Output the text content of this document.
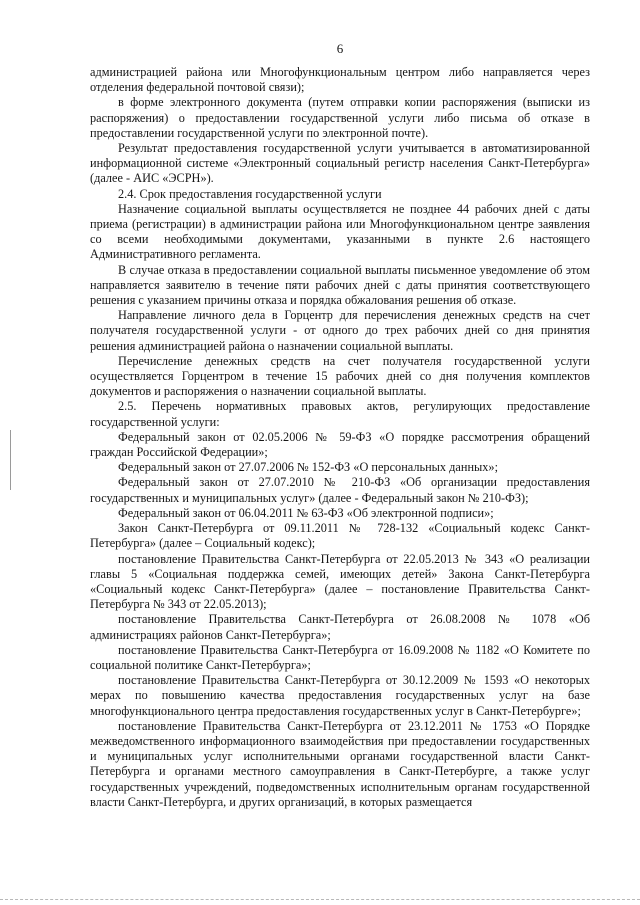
6

администрацией района или Многофункциональным центром либо направляется через отделения федеральной почтовой связи);

в форме электронного документа (путем отправки копии распоряжения (выписки из распоряжения) о предоставлении государственной услуги либо письма об отказе в предоставлении государственной услуги по электронной почте).

Результат предоставления государственной услуги учитывается в автоматизированной информационной системе «Электронный социальный регистр населения Санкт-Петербурга» (далее - АИС «ЭСРН»).

2.4. Срок предоставления государственной услуги

Назначение социальной выплаты осуществляется не позднее 44 рабочих дней с даты приема (регистрации) в администрации района или Многофункциональном центре заявления со всеми необходимыми документами, указанными в пункте 2.6 настоящего Административного регламента.

В случае отказа в предоставлении социальной выплаты письменное уведомление об этом направляется заявителю в течение пяти рабочих дней с даты принятия соответствующего решения с указанием причины отказа и порядка обжалования решения об отказе.

Направление личного дела в Горцентр для перечисления денежных средств на счет получателя государственной услуги - от одного до трех рабочих дней со дня принятия решения администрацией района о назначении социальной выплаты.

Перечисление денежных средств на счет получателя государственной услуги осуществляется Горцентром в течение 15 рабочих дней со дня получения комплектов документов и распоряжения о назначении социальной выплаты.

2.5. Перечень нормативных правовых актов, регулирующих предоставление государственной услуги:

Федеральный закон от 02.05.2006 № 59-ФЗ «О порядке рассмотрения обращений граждан Российской Федерации»;

Федеральный закон от 27.07.2006 № 152-ФЗ «О персональных данных»;

Федеральный закон от 27.07.2010 № 210-ФЗ «Об организации предоставления государственных и муниципальных услуг» (далее - Федеральный закон № 210-ФЗ);

Федеральный закон от 06.04.2011 № 63-ФЗ «Об электронной подписи»;

Закон Санкт-Петербурга от 09.11.2011 № 728-132 «Социальный кодекс Санкт-Петербурга» (далее – Социальный кодекс);

постановление Правительства Санкт-Петербурга от 22.05.2013 № 343 «О реализации главы 5 «Социальная поддержка семей, имеющих детей» Закона Санкт-Петербурга «Социальный кодекс Санкт-Петербурга» (далее – постановление Правительства Санкт-Петербурга № 343 от 22.05.2013);

постановление Правительства Санкт-Петербурга от 26.08.2008 № 1078 «Об администрациях районов Санкт-Петербурга»;

постановление Правительства Санкт-Петербурга от 16.09.2008 № 1182 «О Комитете по социальной политике Санкт-Петербурга»;

постановление Правительства Санкт-Петербурга от 30.12.2009 № 1593 «О некоторых мерах по повышению качества предоставления государственных услуг на базе многофункционального центра предоставления государственных услуг в Санкт-Петербурге»;

постановление Правительства Санкт-Петербурга от 23.12.2011 № 1753 «О Порядке межведомственного информационного взаимодействия при предоставлении государственных и муниципальных услуг исполнительными органами государственной власти Санкт-Петербурга и органами местного самоуправления в Санкт-Петербурге, а также услуг государственных учреждений, подведомственных исполнительным органам государственной власти Санкт-Петербурга, и других организаций, в которых размещается
